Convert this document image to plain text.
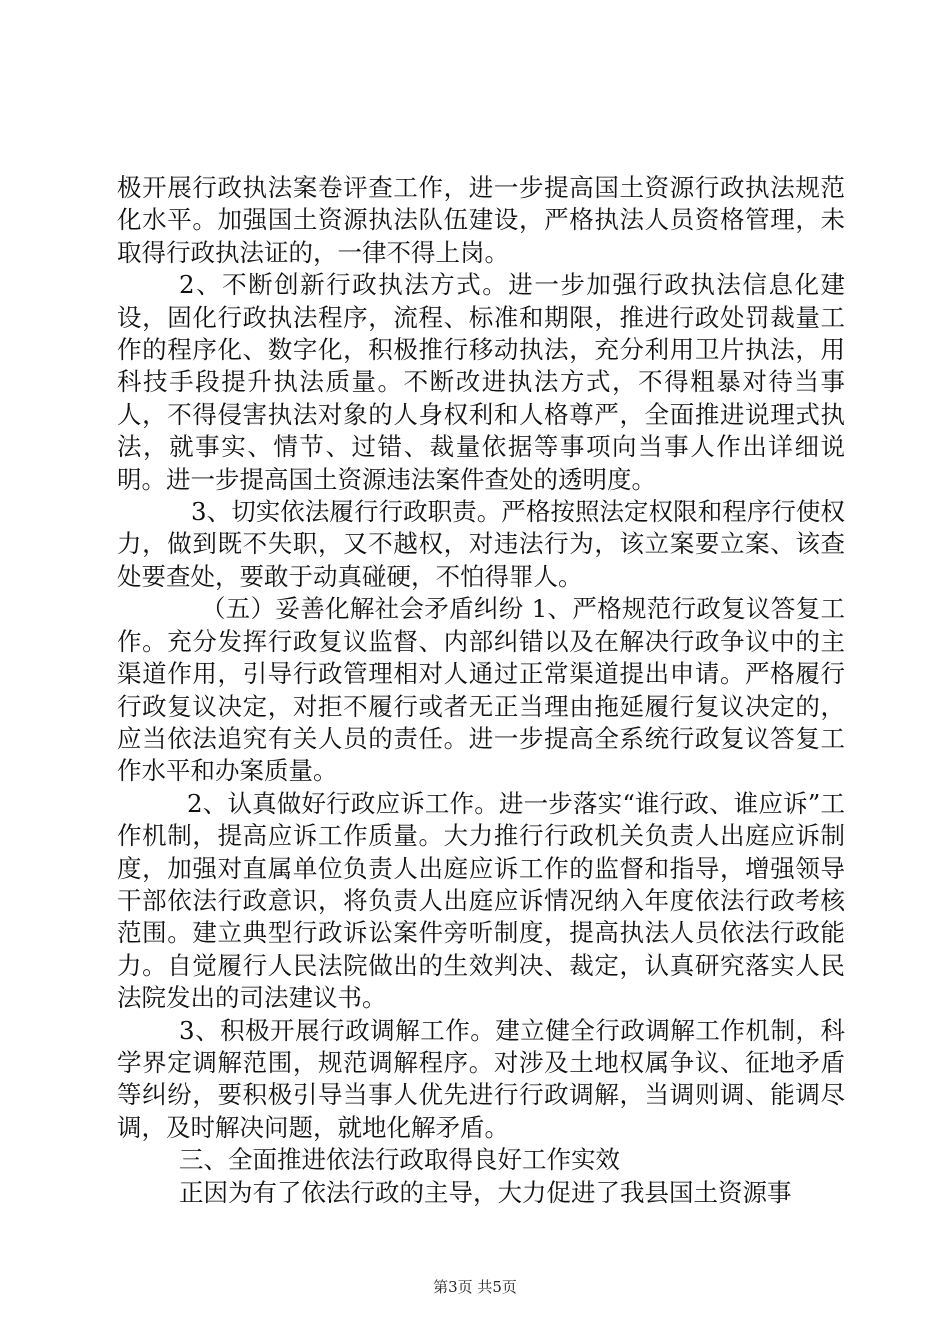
极开展行政执法案卷评查工作，进一步提高国土资源行政执法规范化水平。加强国土资源执法队伍建设，严格执法人员资格管理，未取得行政执法证的，一律不得上岗。

2、不断创新行政执法方式。进一步加强行政执法信息化建设，固化行政执法程序，流程、标准和期限，推进行政处罚裁量工作的程序化、数字化，积极推行移动执法，充分利用卫片执法，用科技手段提升执法质量。不断改进执法方式，不得粗暴对待当事人，不得侵害执法对象的人身权利和人格尊严，全面推进说理式执法，就事实、情节、过错、裁量依据等事项向当事人作出详细说明。进一步提高国土资源违法案件查处的透明度。

3、切实依法履行行政职责。严格按照法定权限和程序行使权力，做到既不失职，又不越权，对违法行为，该立案要立案、该查处要查处，要敢于动真碰硬，不怕得罪人。

（五）妥善化解社会矛盾纠纷 1、严格规范行政复议答复工作。充分发挥行政复议监督、内部纠错以及在解决行政争议中的主渠道作用，引导行政管理相对人通过正常渠道提出申请。严格履行行政复议决定，对拒不履行或者无正当理由拖延履行复议决定的，应当依法追究有关人员的责任。进一步提高全系统行政复议答复工作水平和办案质量。

2、认真做好行政应诉工作。进一步落实“谁行政、谁应诉”工作机制，提高应诉工作质量。大力推行行政机关负责人出庭应诉制度，加强对直属单位负责人出庭应诉工作的监督和指导，增强领导干部依法行政意识，将负责人出庭应诉情况纳入年度依法行政考核范围。建立典型行政诉讼案件旁听制度，提高执法人员依法行政能力。自觉履行人民法院做出的生效判决、裁定，认真研究落实人民法院发出的司法建议书。

3、积极开展行政调解工作。建立健全行政调解工作机制，科学界定调解范围，规范调解程序。对涉及土地权属争议、征地矛盾等纠纷，要积极引导当事人优先进行行政调解，当调则调、能调尽调，及时解决问题，就地化解矛盾。

三、全面推进依法行政取得良好工作实效

正因为有了依法行政的主导，大力促进了我县国土资源事

第3页 共5页
